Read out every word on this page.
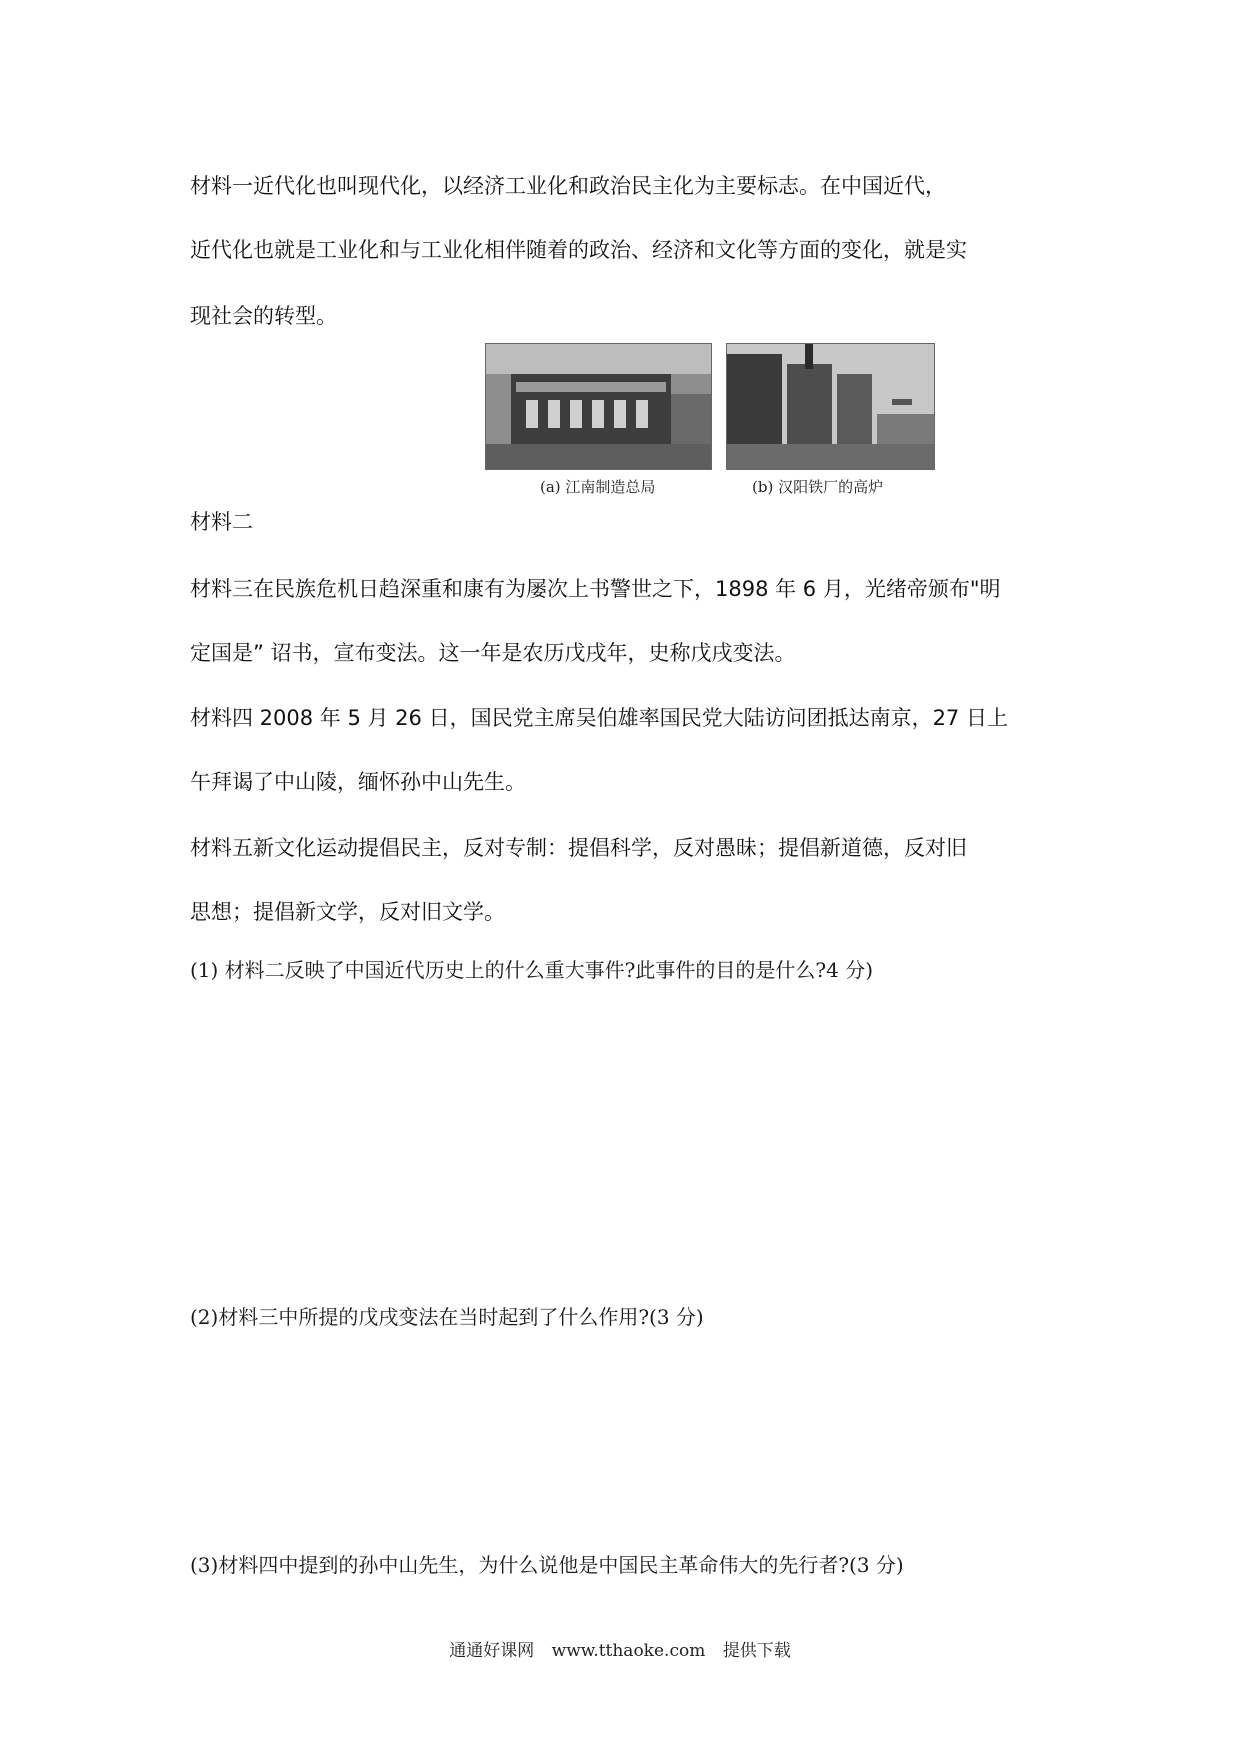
材料一近代化也叫现代化，以经济工业化和政治民主化为主要标志。在中国近代，

近代化也就是工业化和与工业化相伴随着的政治、经济和文化等方面的变化，就是实

现社会的转型。

(a) 江南制造总局	(b) 汉阳铁厂的高炉

材料二

材料三在民族危机日趋深重和康有为屡次上书警世之下，1898 年 6 月，光绪帝颁布"明

定国是” 诏书，宣布变法。这一年是农历戊戌年，史称戊戌变法。

材料四 2008 年 5 月 26 日，国民党主席吴伯雄率国民党大陆访问团抵达南京，27 日上

午拜谒了中山陵，缅怀孙中山先生。

材料五新文化运动提倡民主，反对专制：提倡科学，反对愚昧；提倡新道德，反对旧

思想；提倡新文学，反对旧文学。

(1) 材料二反映了中国近代历史上的什么重大事件?此事件的目的是什么?4 分)

(2)材料三中所提的戊戌变法在当时起到了什么作用?(3 分)

(3)材料四中提到的孙中山先生，为什么说他是中国民主革命伟大的先行者?(3 分)

通通好课网 www.tthaoke.com 提供下载
